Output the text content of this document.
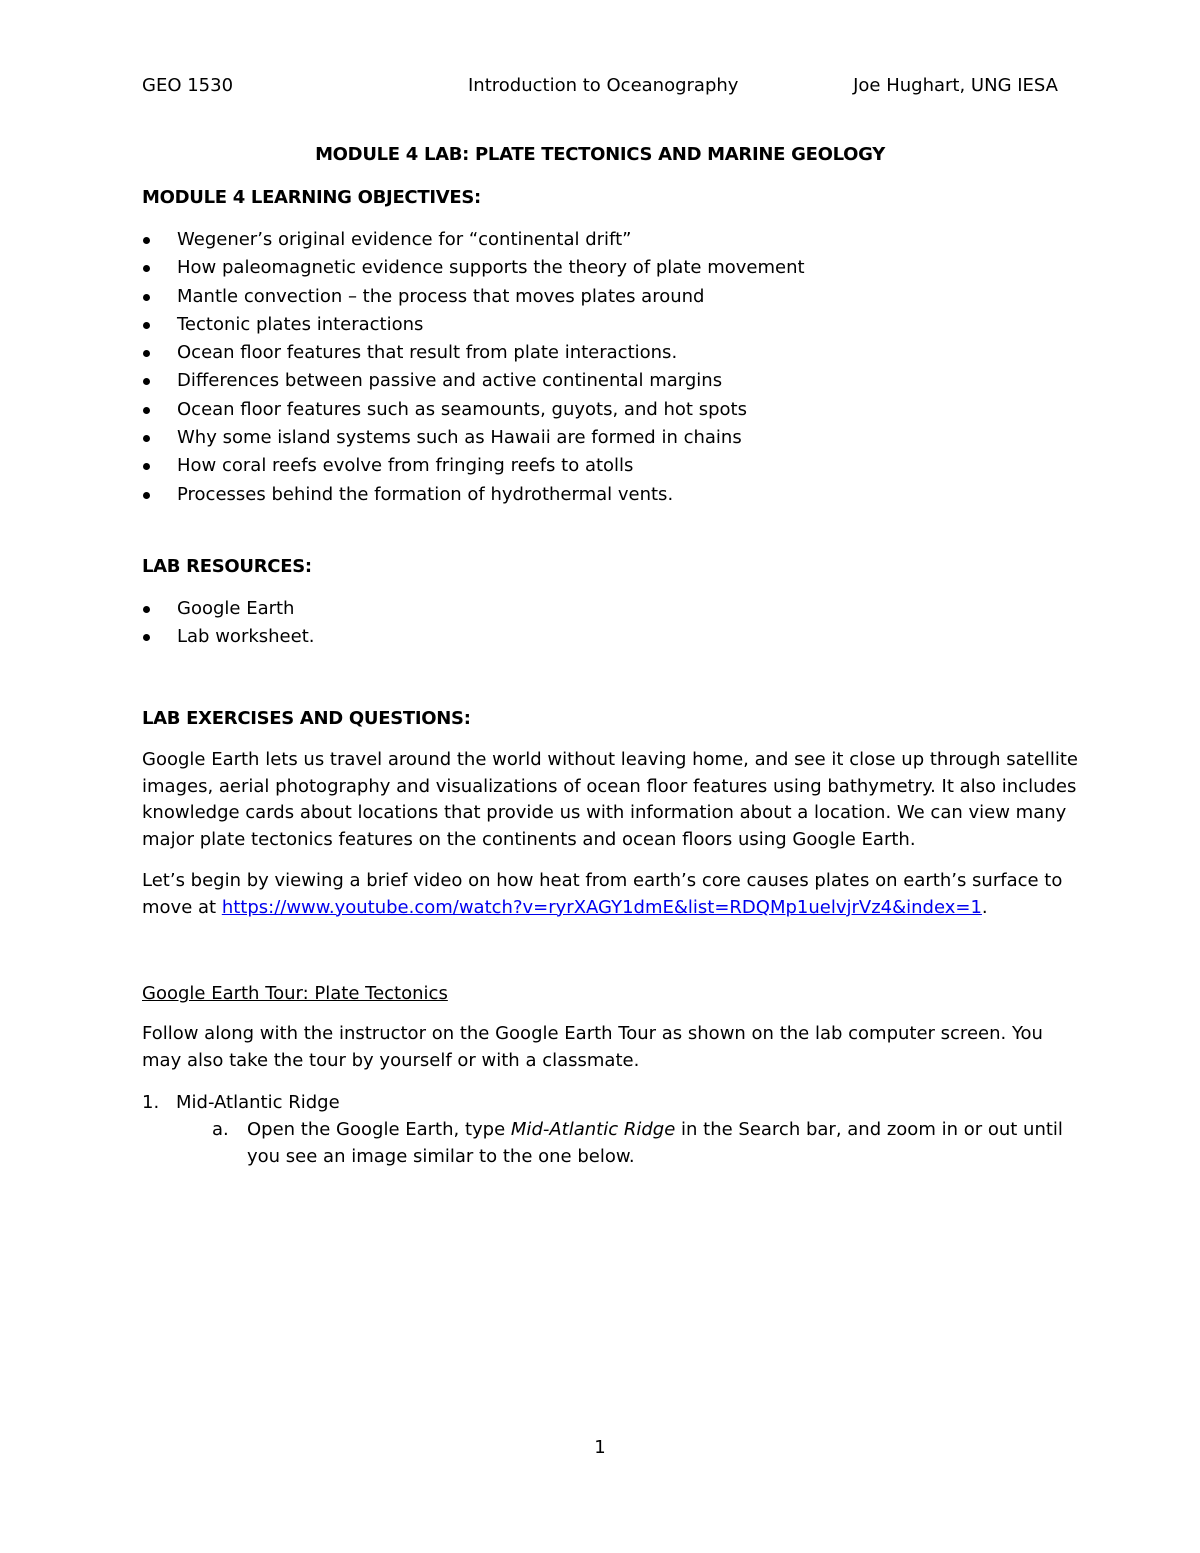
GEO 1530	Introduction to Oceanography	Joe Hughart, UNG IESA
MODULE 4 LAB: PLATE TECTONICS AND MARINE GEOLOGY
MODULE 4 LEARNING OBJECTIVES:
Wegener’s original evidence for “continental drift”
How paleomagnetic evidence supports the theory of plate movement
Mantle convection – the process that moves plates around
Tectonic plates interactions
Ocean floor features that result from plate interactions.
Differences between passive and active continental margins
Ocean floor features such as seamounts, guyots, and hot spots
Why some island systems such as Hawaii are formed in chains
How coral reefs evolve from fringing reefs to atolls
Processes behind the formation of hydrothermal vents.
LAB RESOURCES:
Google Earth
Lab worksheet.
LAB EXERCISES AND QUESTIONS:
Google Earth lets us travel around the world without leaving home, and see it close up through satellite
images, aerial photography and visualizations of ocean floor features using bathymetry. It also includes
knowledge cards about locations that provide us with information about a location. We can view many
major plate tectonics features on the continents and ocean floors using Google Earth.
Let’s begin by viewing a brief video on how heat from earth’s core causes plates on earth’s surface to
move at https://www.youtube.com/watch?v=ryrXAGY1dmE&list=RDQMp1uelvjrVz4&index=1.
Google Earth Tour: Plate Tectonics
Follow along with the instructor on the Google Earth Tour as shown on the lab computer screen. You
may also take the tour by yourself or with a classmate.
1. Mid-Atlantic Ridge
a. Open the Google Earth, type Mid-Atlantic Ridge in the Search bar, and zoom in or out until
you see an image similar to the one below.
1
